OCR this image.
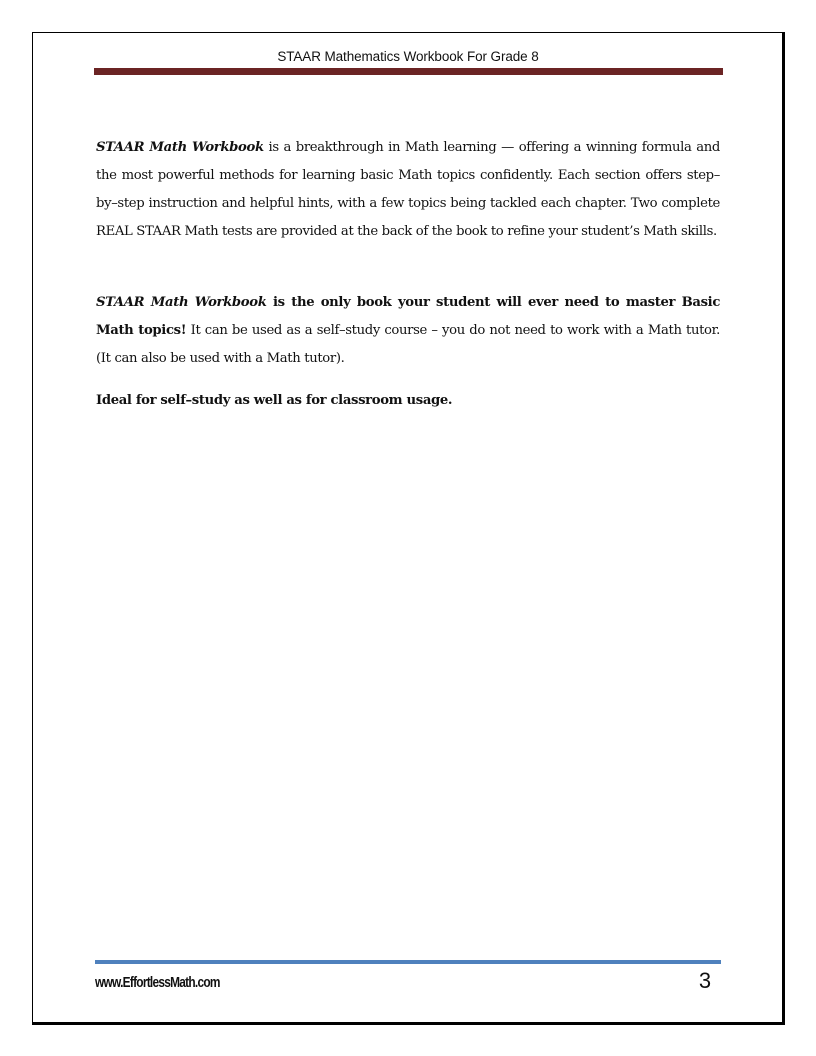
STAAR Mathematics Workbook For Grade 8
STAAR Math Workbook is a breakthrough in Math learning — offering a winning formula and the most powerful methods for learning basic Math topics confidently. Each section offers step–by–step instruction and helpful hints, with a few topics being tackled each chapter. Two complete REAL STAAR Math tests are provided at the back of the book to refine your student’s Math skills.
STAAR Math Workbook is the only book your student will ever need to master Basic Math topics! It can be used as a self–study course – you do not need to work with a Math tutor. (It can also be used with a Math tutor).
Ideal for self–study as well as for classroom usage.
www.EffortlessMath.com	3
